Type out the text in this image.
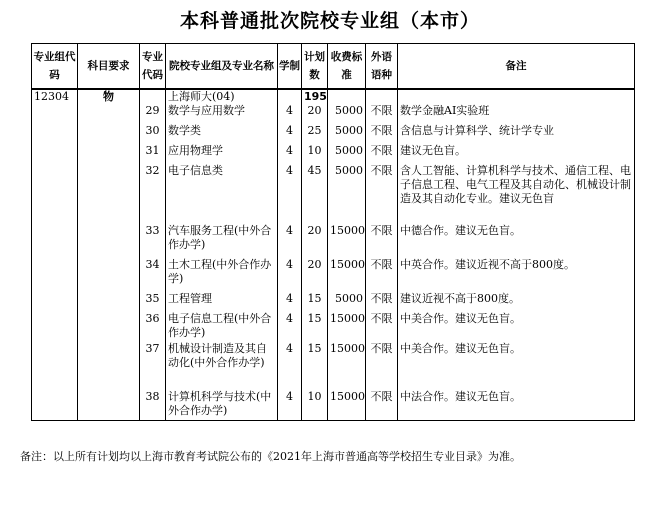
本科普通批次院校专业组（本市）
专业组代码	科目要求	专业代码	院校专业组及专业名称	学制	计划数	收费标准	外语语种	备注
12304	物		上海师大(04)		195			
		29	数学与应用数学	4	20	5000	不限	数学金融AI实验班
		30	数学类	4	25	5000	不限	含信息与计算科学、统计学专业
		31	应用物理学	4	10	5000	不限	建议无色盲。
		32	电子信息类	4	45	5000	不限	含人工智能、计算机科学与技术、通信工程、电子信息工程、电气工程及其自动化、机械设计制造及其自动化专业。建议无色盲
		33	汽车服务工程(中外合作办学)	4	20	15000	不限	中德合作。建议无色盲。
		34	土木工程(中外合作办学)	4	20	15000	不限	中英合作。建议近视不高于800度。
		35	工程管理	4	15	5000	不限	建议近视不高于800度。
		36	电子信息工程(中外合作办学)	4	15	15000	不限	中美合作。建议无色盲。
		37	机械设计制造及其自动化(中外合作办学)	4	15	15000	不限	中美合作。建议无色盲。
		38	计算机科学与技术(中外合作办学)	4	10	15000	不限	中法合作。建议无色盲。
备注：以上所有计划均以上海市教育考试院公布的《2021年上海市普通高等学校招生专业目录》为准。
